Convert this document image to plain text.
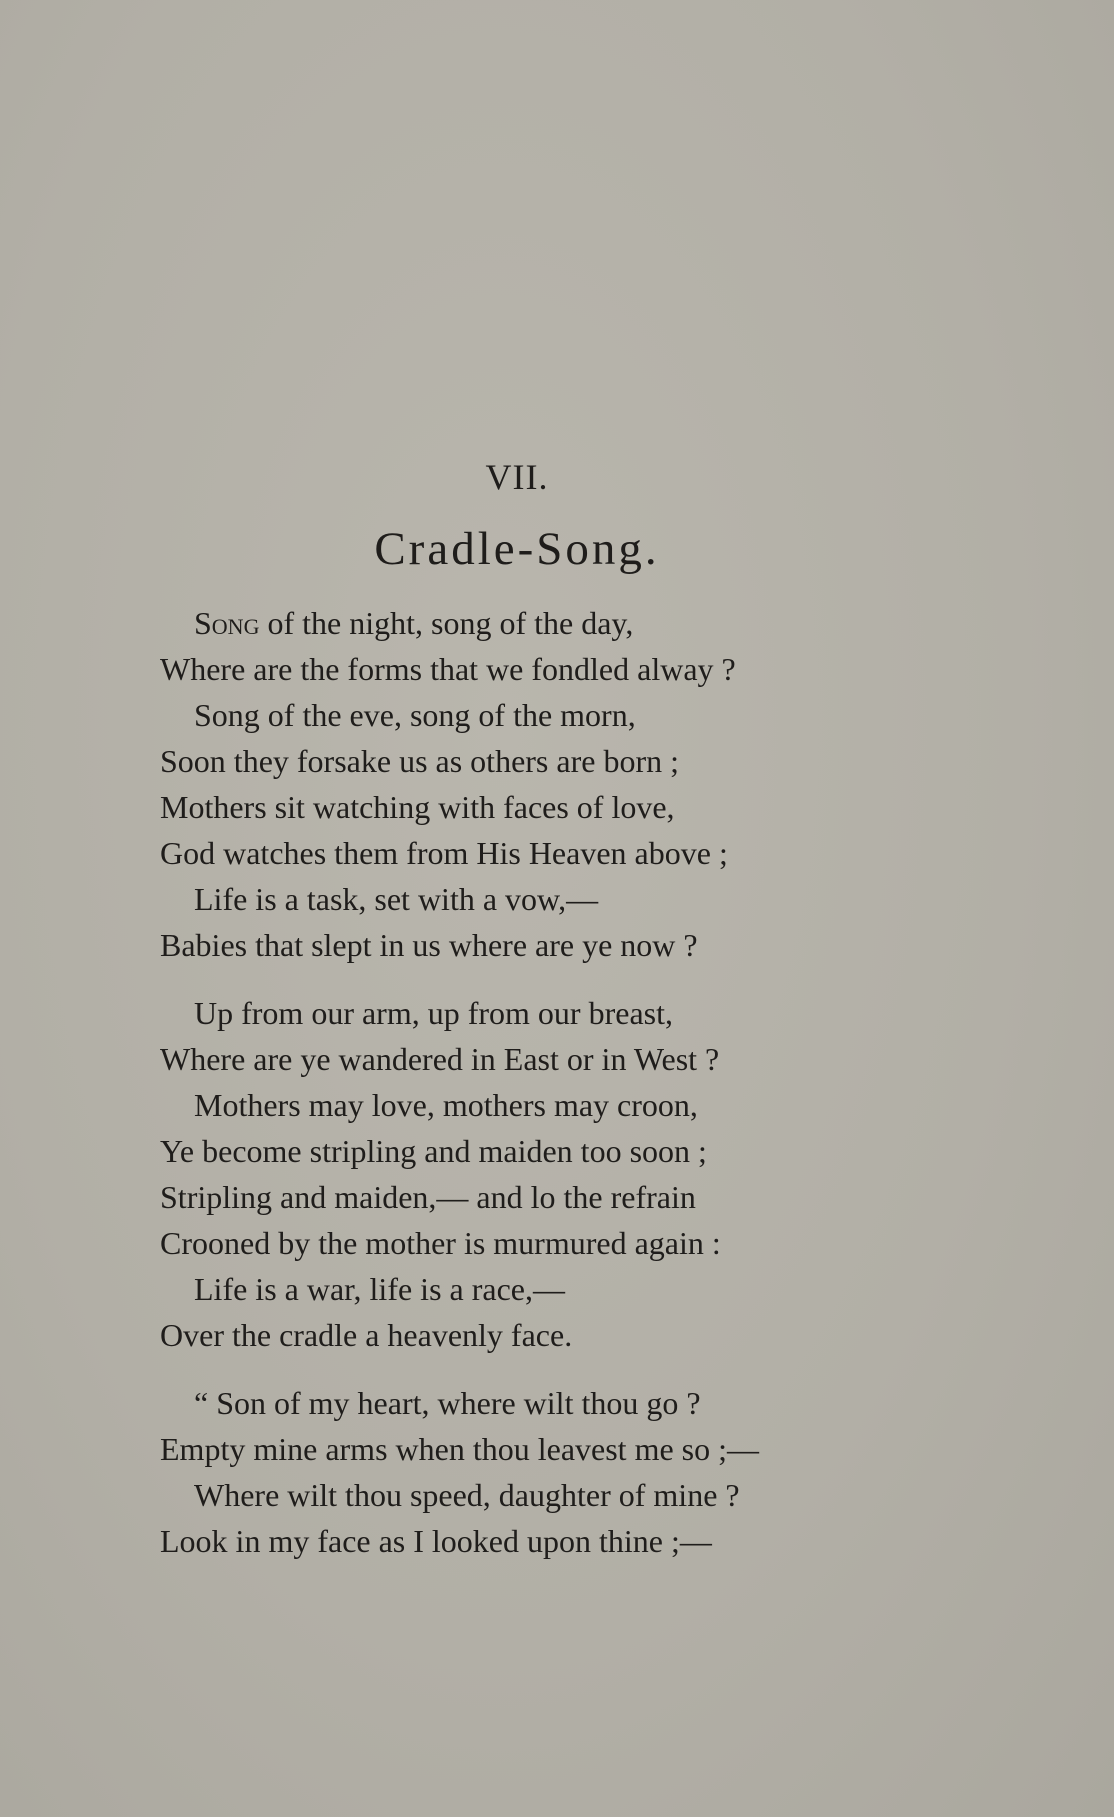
VII.
Cradle-Song.
Song of the night, song of the day,
Where are the forms that we fondled alway ?
Song of the eve, song of the morn,
Soon they forsake us as others are born ;
Mothers sit watching with faces of love,
God watches them from His Heaven above ;
Life is a task, set with a vow,—
Babies that slept in us where are ye now ?
Up from our arm, up from our breast,
Where are ye wandered in East or in West ?
Mothers may love, mothers may croon,
Ye become stripling and maiden too soon ;
Stripling and maiden,— and lo the refrain
Crooned by the mother is murmured again :
Life is a war, life is a race,—
Over the cradle a heavenly face.
“ Son of my heart, where wilt thou go ?
Empty mine arms when thou leavest me so ;—
Where wilt thou speed, daughter of mine ?
Look in my face as I looked upon thine ;—
